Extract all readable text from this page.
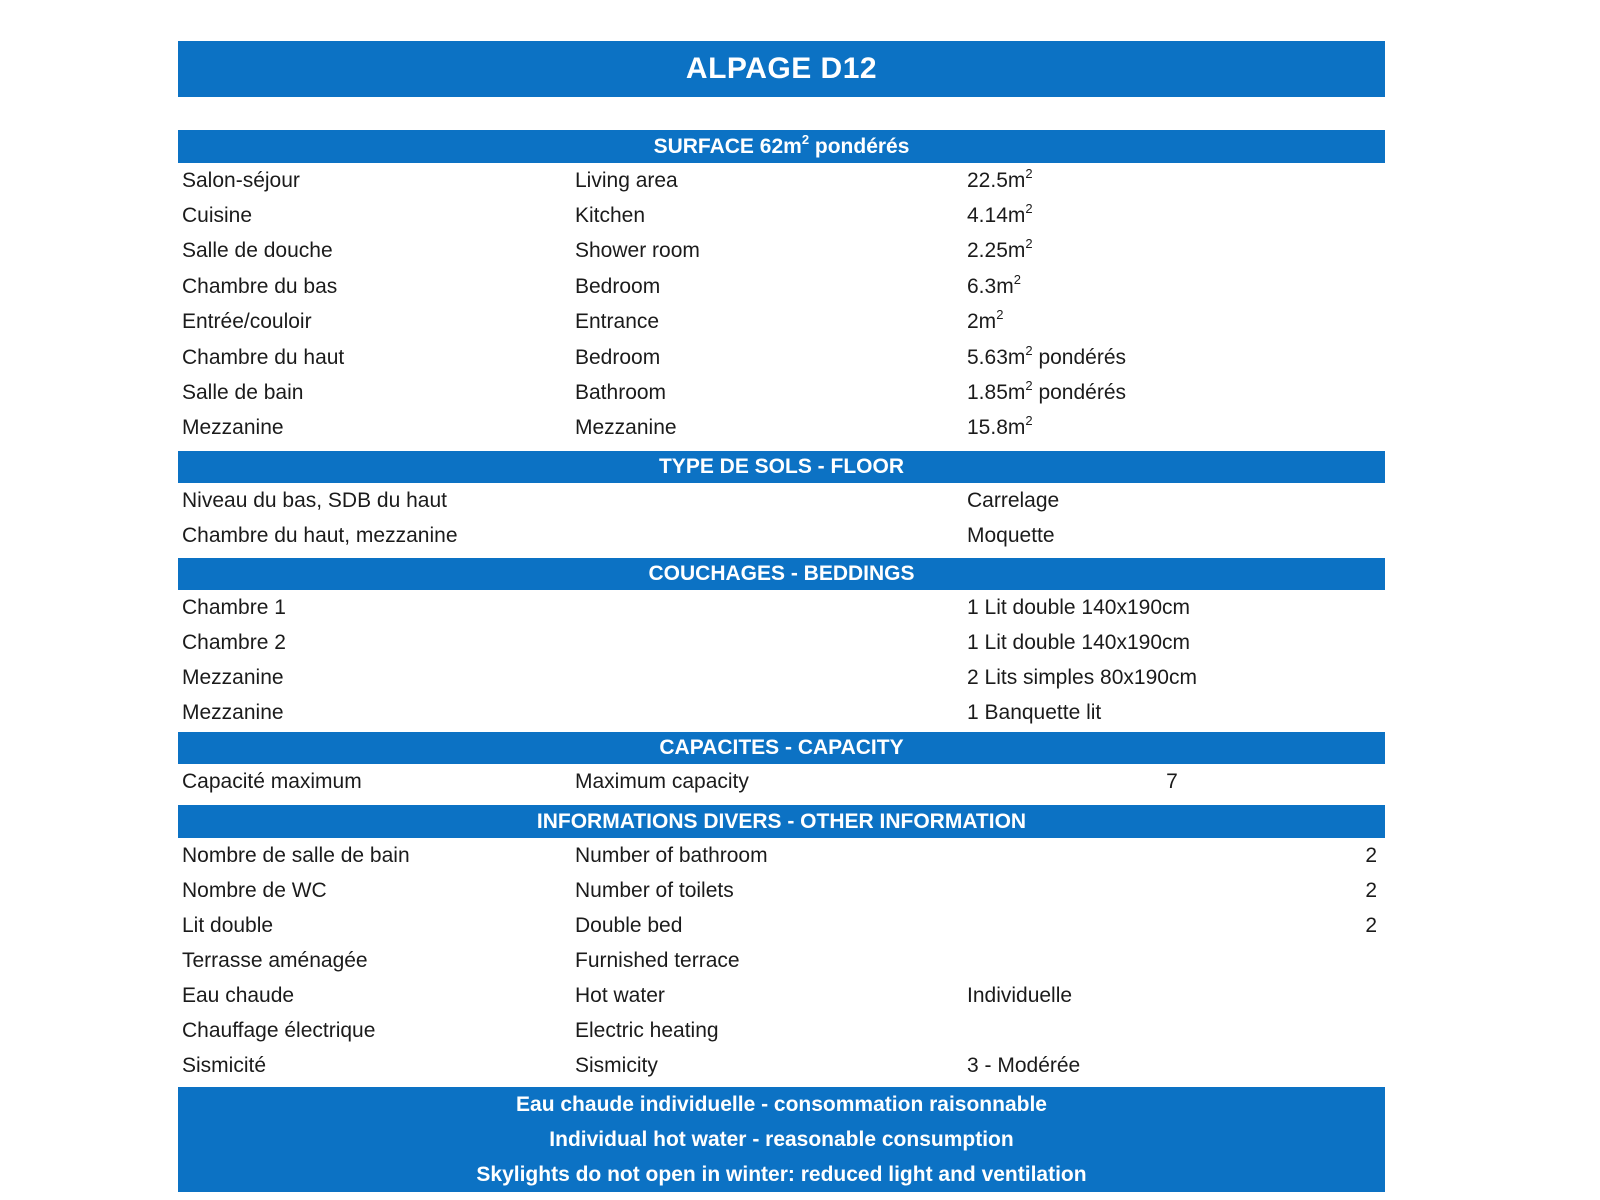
ALPAGE D12
SURFACE $62m^2$ pondérés
Salon-séjour	Living area	$22.5m^2$
Cuisine	Kitchen	$4.14m^2$
Salle de douche	Shower room	$2.25m^2$
Chambre du bas	Bedroom	$6.3m^2$
Entrée/couloir	Entrance	$2m^2$
Chambre du haut	Bedroom	$5.63m^2$ pondérés
Salle de bain	Bathroom	$1.85m^2$ pondérés
Mezzanine	Mezzanine	$15.8m^2$
TYPE DE SOLS - FLOOR
Niveau du bas, SDB du haut	Carrelage
Chambre du haut, mezzanine	Moquette
COUCHAGES - BEDDINGS
Chambre 1	1 Lit double 140x190cm
Chambre 2	1 Lit double 140x190cm
Mezzanine	2 Lits simples 80x190cm
Mezzanine	1 Banquette lit
CAPACITES - CAPACITY
Capacité maximum	Maximum capacity	7
INFORMATIONS DIVERS - OTHER INFORMATION
Nombre de salle de bain	Number of bathroom	2
Nombre de WC	Number of toilets	2
Lit double	Double bed	2
Terrasse aménagée	Furnished terrace
Eau chaude	Hot water	Individuelle
Chauffage électrique	Electric heating
Sismicité	Sismicity	3 - Modérée
Eau chaude individuelle - consommation raisonnable
Individual hot water - reasonable consumption
Skylights do not open in winter: reduced light and ventilation
